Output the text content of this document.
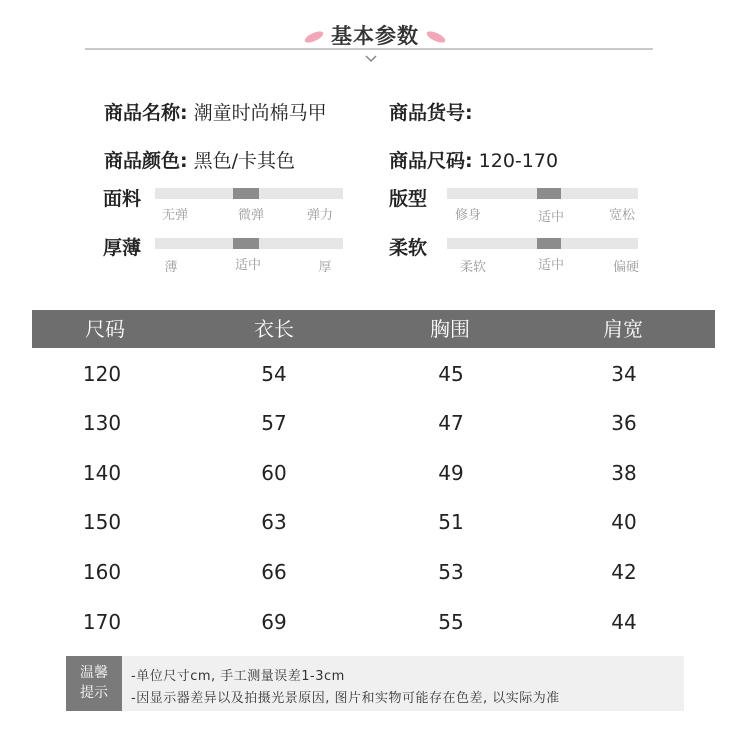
基本参数
商品名称: 潮童时尚棉马甲	商品货号:
商品颜色: 黑色/卡其色	商品尺码: 120-170
面料
无弹	微弹	弹力
版型
修身	适中	宽松
厚薄
薄	适中	厚
柔软
柔软	适中	偏硬
尺码	衣长	胸围	肩宽
120	54	45	34
130	57	47	36
140	60	49	38
150	63	51	40
160	66	53	42
170	69	55	44
温馨
提示
-单位尺寸cm, 手工测量误差1-3cm
-因显示器差异以及拍摄光景原因, 图片和实物可能存在色差, 以实际为准
